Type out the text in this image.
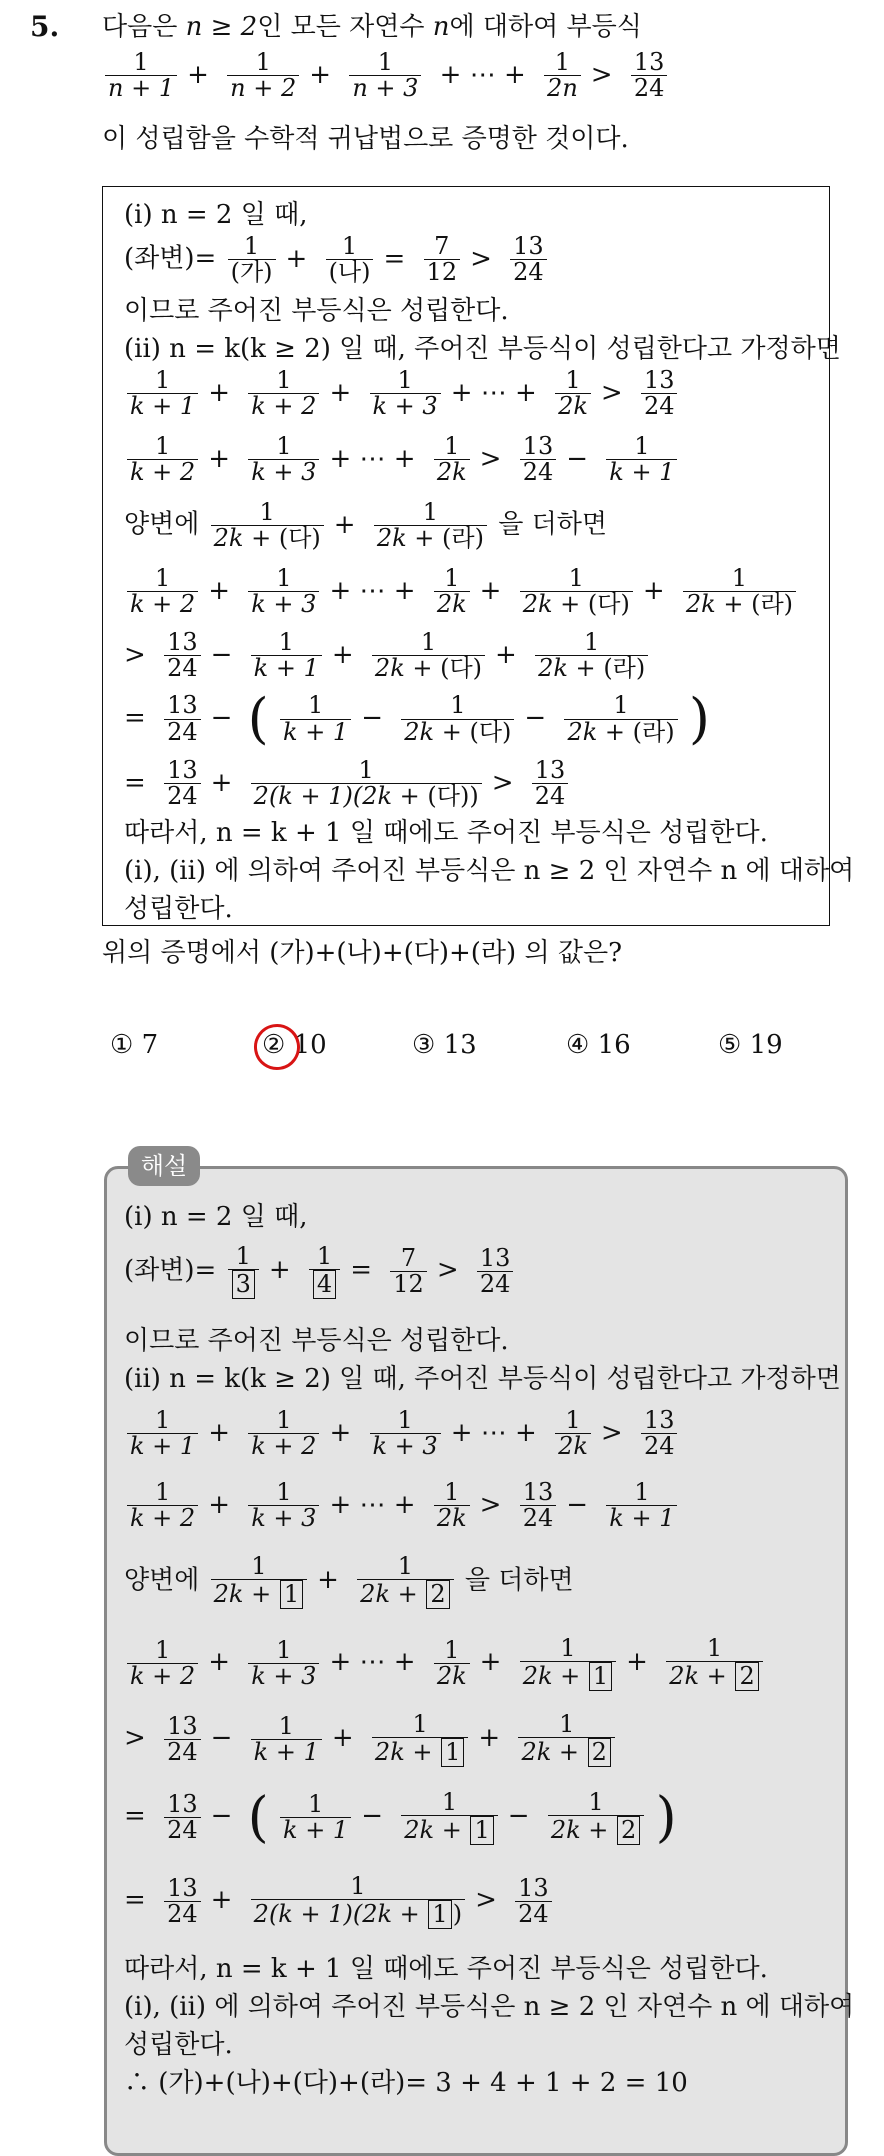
5. 다음은 n ≥ 2인 모든 자연수 n에 대하여 부등식
$\frac{1}{n + 1} + \frac{1}{n + 2} + \frac{1}{n + 3}$ + ⋯ + $\frac{1}{2n} > \frac{13}{24}$
이 성립함을 수학적 귀납법으로 증명한 것이다.
(i) n = 2 일 때,
(좌변)= $\frac{1}{\text{(가)}} + \frac{1}{\text{(나)}} = \frac{7}{12} > \frac{13}{24}$
이므로 주어진 부등식은 성립한다.
(ii) n = k(k ≥ 2) 일 때, 주어진 부등식이 성립한다고 가정하면
$\frac{1}{k + 1} + \frac{1}{k + 2} + \frac{1}{k + 3}$ + ⋯ + $\frac{1}{2k} > \frac{13}{24}$
$\frac{1}{k + 2} + \frac{1}{k + 3}$ + ⋯ + $\frac{1}{2k} > \frac{13}{24} - \frac{1}{k + 1}$
양변에 $\frac{1}{\text{2k + (다)}} + \frac{1}{\text{2k + (라)}}$ 을 더하면
$\frac{1}{k + 2} + \frac{1}{k + 3}$ + ⋯ + $\frac{1}{2k} + \frac{1}{\text{2k + (다)}} + \frac{1}{\text{2k + (라)}}$
> $\frac{13}{24} - \frac{1}{k + 1} + \frac{1}{\text{2k + (다)}} + \frac{1}{\text{2k + (라)}}$
= $\frac{13}{24}$ − ( $\frac{1}{k + 1} - \frac{1}{\text{2k + (다)}} - \frac{1}{\text{2k + (라)}}$ )
= $\frac{13}{24} + \frac{1}{\text{2(k + 1)(2k + (다))}} > \frac{13}{24}$
따라서, n = k + 1 일 때에도 주어진 부등식은 성립한다.
(i), (ii) 에 의하여 주어진 부등식은 n ≥ 2 인 자연수 n 에 대하여
성립한다.
위의 증명에서 (가)+(나)+(다)+(라) 의 값은?
① 7	② 10	③ 13	④ 16	⑤ 19
해설
(i) n = 2 일 때,
(좌변)= $\frac{1}{3} + \frac{1}{4} = \frac{7}{12} > \frac{13}{24}$
이므로 주어진 부등식은 성립한다.
(ii) n = k(k ≥ 2) 일 때, 주어진 부등식이 성립한다고 가정하면
$\frac{1}{k + 1} + \frac{1}{k + 2} + \frac{1}{k + 3}$ + ⋯ + $\frac{1}{2k} > \frac{13}{24}$
$\frac{1}{k + 2} + \frac{1}{k + 3}$ + ⋯ + $\frac{1}{2k} > \frac{13}{24} - \frac{1}{k + 1}$
양변에 $\frac{1}{2k + 1} + \frac{1}{2k + 2}$ 을 더하면
$\frac{1}{k + 2} + \frac{1}{k + 3}$ + ⋯ + $\frac{1}{2k} + \frac{1}{2k + 1} + \frac{1}{2k + 2}$
> $\frac{13}{24} - \frac{1}{k + 1} + \frac{1}{2k + 1} + \frac{1}{2k + 2}$
= $\frac{13}{24}$ − ( $\frac{1}{k + 1} - \frac{1}{2k + 1} - \frac{1}{2k + 2}$ )
= $\frac{13}{24} + \frac{1}{2(k + 1)(2k + 1 )} > \frac{13}{24}$
따라서, n = k + 1 일 때에도 주어진 부등식은 성립한다.
(i), (ii) 에 의하여 주어진 부등식은 n ≥ 2 인 자연수 n 에 대하여
성립한다.
∴ (가)+(나)+(다)+(라)= 3 + 4 + 1 + 2 = 10
